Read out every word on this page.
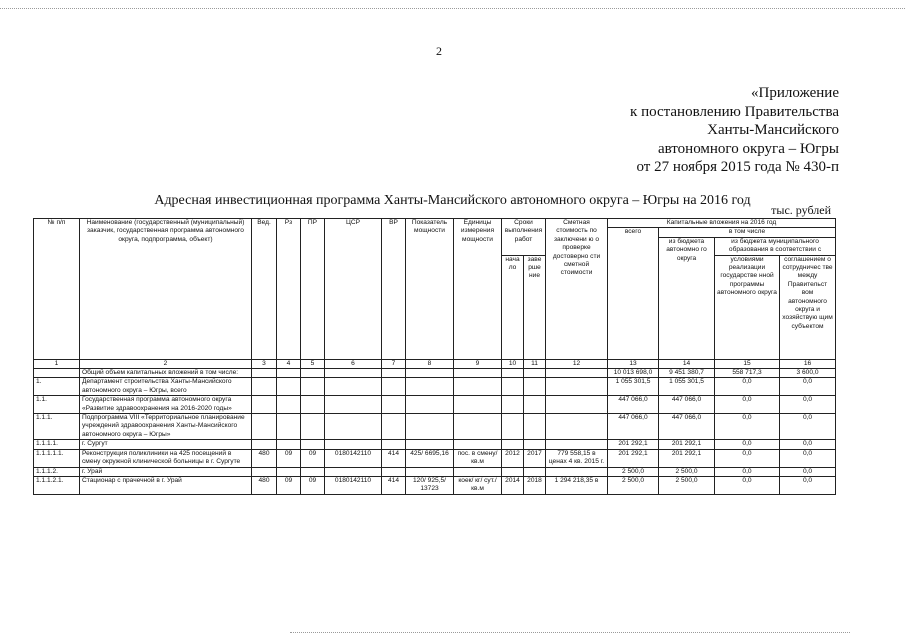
2
«Приложение
к постановлению Правительства
Ханты-Мансийского
автономного округа – Югры
от 27 ноября 2015 года № 430-п
Адресная инвестиционная программа Ханты-Мансийского автономного округа – Югры на 2016 год
тыс. рублей
№ п/п	Наименование (государственный (муниципальный) заказчик, государственная программа автономного округа, подпрограмма, объект)	Вед.	Рз	ПР	ЦСР	ВР	Показатель мощности	Единицы измерения мощности	Сроки выполнения работ		Сметная стоимость по заключени ю о проверке достоверно сти сметной стоимости	Капитальные вложения на 2016 год			
												всего	в том числе		
													из бюджета автономно го округа	из бюджета муниципального образования в соответствии с	
									нача ло	заве рше ние				условиями реализации государстве нной программы автономного округа	соглашением о сотрудничес тве между Правительст вом автономного округа и хозяйствую щим субъектом
1	2	3	4	5	6	7	8	9	10	11	12	13	14	15	16
	Общий объем капитальных вложений в том числе:											10 013 698,0	9 451 380,7	558 717,3	3 600,0
1.	Департамент строительства Ханты-Мансийского автономного округа – Югры, всего											1 055 301,5	1 055 301,5	0,0	0,0
1.1.	Государственная программа автономного округа «Развитие здравоохранения на 2016-2020 годы»											447 066,0	447 066,0	0,0	0,0
1.1.1.	Подпрограмма VIII «Территориальное планирование учреждений здравоохранения Ханты-Мансийского автономного округа – Югры»											447 066,0	447 066,0	0,0	0,0
1.1.1.1.	г. Сургут											201 292,1	201 292,1	0,0	0,0
1.1.1.1.1.	Реконструкция поликлиники на 425 посещений в смену окружной клинической больницы в г. Сургуте	480	09	09	0180142110	414	425/ 6695,16	пос. в смену/ кв.м	2012	2017	779 558,15 в ценах 4 кв. 2015 г.	201 292,1	201 292,1	0,0	0,0
1.1.1.2.	г. Урай											2 500,0	2 500,0	0,0	0,0
1.1.1.2.1.	Стационар с прачечной в г. Урай	480	09	09	0180142110	414	120/ 925,5/ 13723	коек/ кг/ сут./ кв.м	2014	2018	1 294 218,35 в	2 500,0	2 500,0	0,0	0,0
